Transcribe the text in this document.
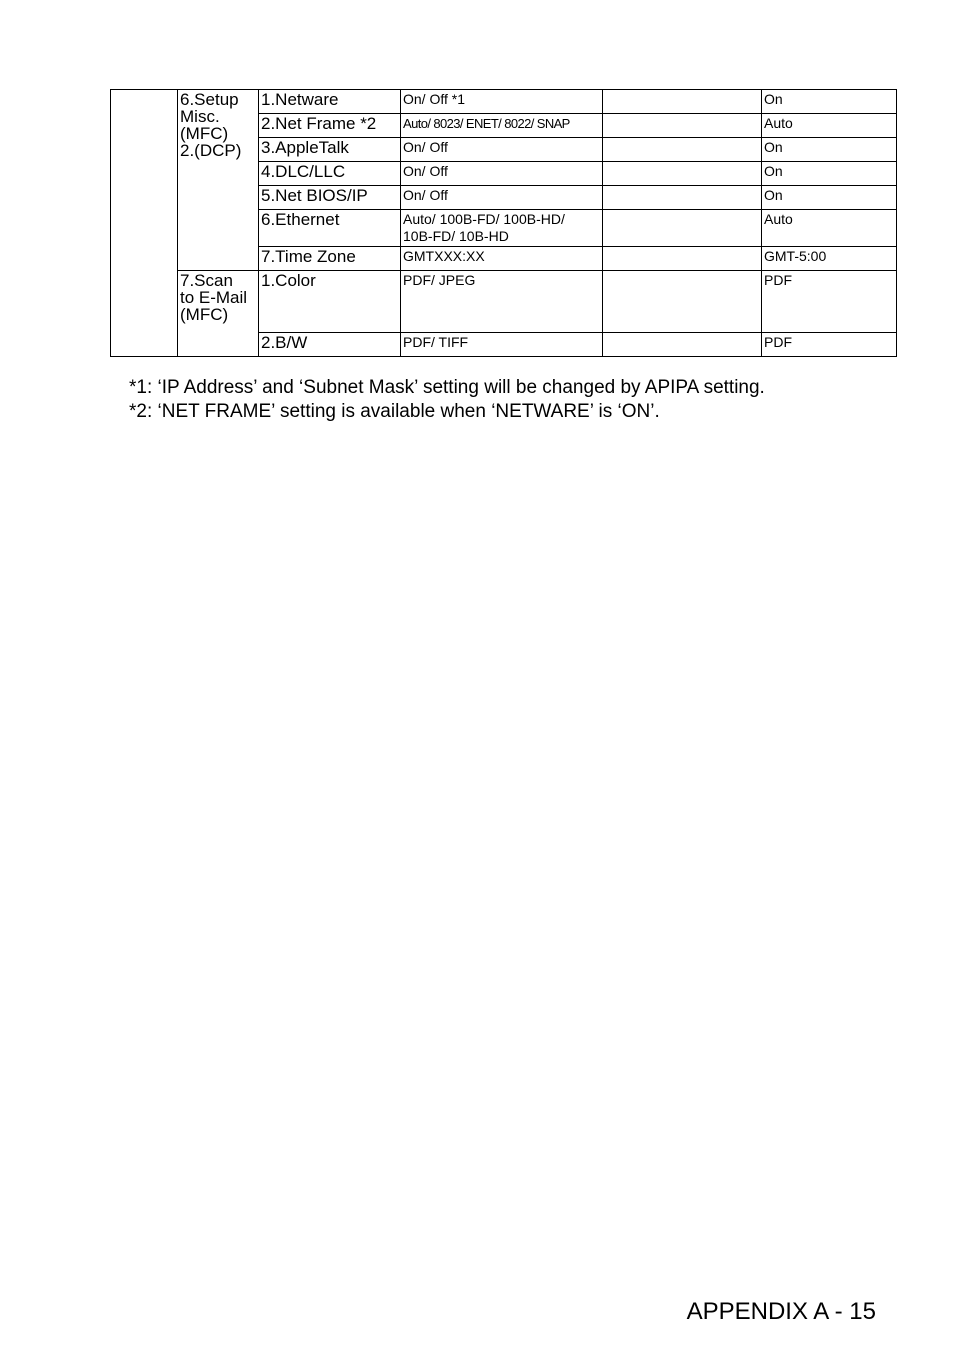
	6.Setup
Misc.
(MFC)
2.(DCP)	1.Netware	On/ Off *1		On
		2.Net Frame *2	Auto/ 8023/ ENET/ 8022/ SNAP		Auto
		3.AppleTalk	On/ Off		On
		4.DLC/LLC	On/ Off		On
		5.Net BIOS/IP	On/ Off		On
		6.Ethernet	Auto/ 100B-FD/ 100B-HD/
10B-FD/ 10B-HD		Auto
		7.Time Zone	GMTXXX:XX		GMT-5:00
	7.Scan
to E-Mail
(MFC)	1.Color	PDF/ JPEG		PDF
		2.B/W	PDF/ TIFF		PDF
*1: ‘IP Address’ and ‘Subnet Mask’ setting will be changed by APIPA setting.
*2: ‘NET FRAME’ setting is available when ‘NETWARE’ is ‘ON’.
APPENDIX A - 15
